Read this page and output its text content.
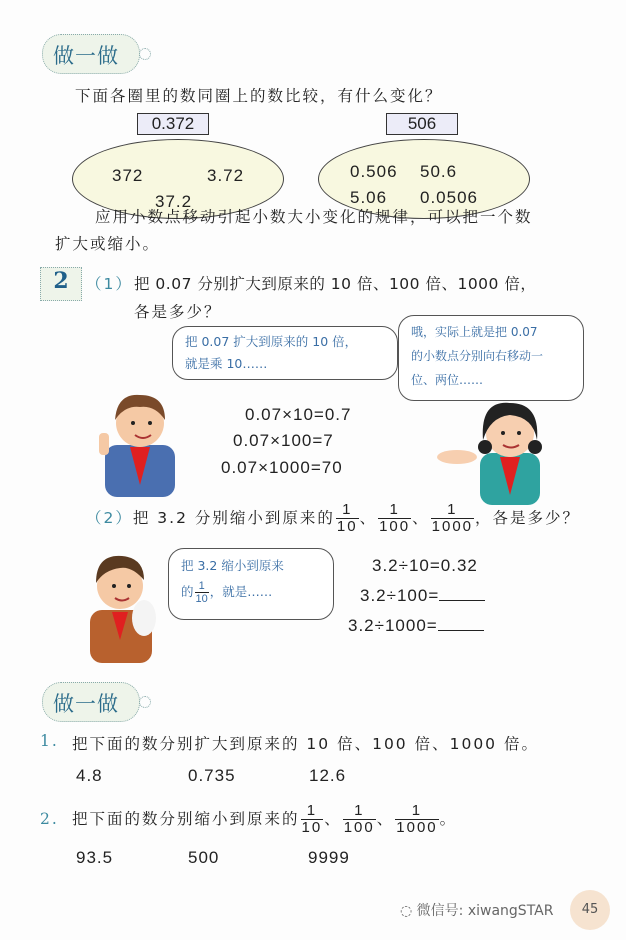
做一做
下面各圈里的数同圈上的数比较，有什么变化？
0.372
372	3.72
37.2
506
0.506 50.6
5.06 0.0506
应用小数点移动引起小数大小变化的规律，可以把一个数
扩大或缩小。
2	（1） 把 0.07 分别扩大到原来的 10 倍、100 倍、1000 倍，
各是多少？
把 0.07 扩大到原来的 10 倍，
就是乘 10……
哦，实际上就是把 0.07
的小数点分别向右移动一
位、两位……
0.07×10=0.7
0.07×100=7
0.07×1000=70
（2）把 3.2 分别缩小到原来的 $\frac{1}{10}$ 、 $\frac{1}{100}$ 、 $\frac{1}{1000}$ ，各是多少？
把 3.2 缩小到原来
的 $\frac{1}{10}$ ，就是……
3.2÷10=0.32
3.2÷100=
3.2÷1000=
做一做
1. 把下面的数分别扩大到原来的 10 倍、100 倍、1000 倍。
4.8	0.735	12.6
2. 把下面的数分别缩小到原来的 $\frac{1}{10}$ 、 $\frac{1}{100}$ 、 $\frac{1}{1000}$ 。
93.5	500	9999
45
◌ 微信号: xiwangSTAR
